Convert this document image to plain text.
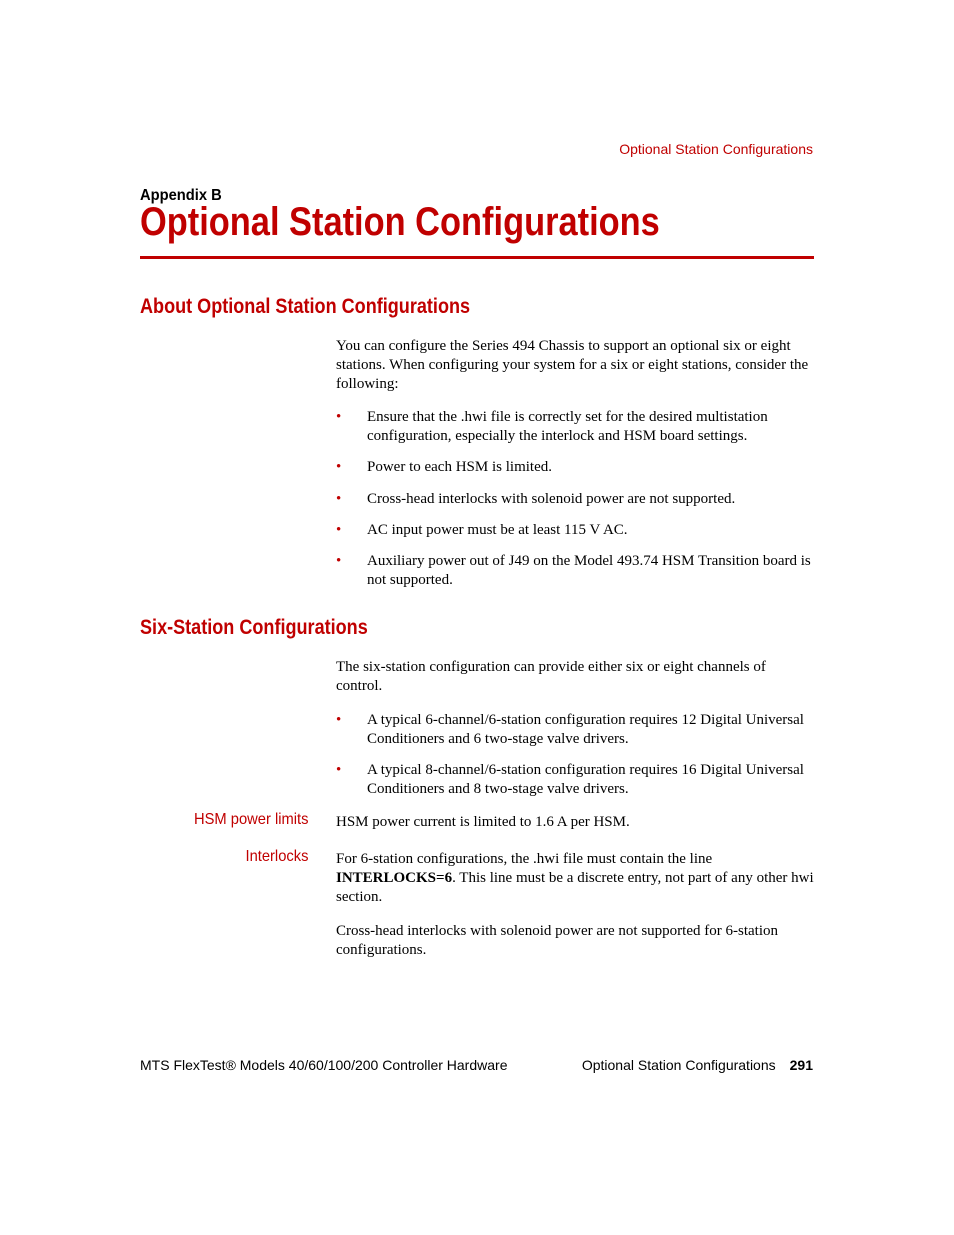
Optional Station Configurations
Appendix B
Optional Station Configurations
About Optional Station Configurations
You can configure the Series 494 Chassis to support an optional six or eight stations. When configuring your system for a six or eight stations, consider the following:
• Ensure that the .hwi file is correctly set for the desired multistation configuration, especially the interlock and HSM board settings.
• Power to each HSM is limited.
• Cross-head interlocks with solenoid power are not supported.
• AC input power must be at least 115 V AC.
• Auxiliary power out of J49 on the Model 493.74 HSM Transition board is not supported.
Six-Station Configurations
The six-station configuration can provide either six or eight channels of control.
• A typical 6-channel/6-station configuration requires 12 Digital Universal Conditioners and 6 two-stage valve drivers.
• A typical 8-channel/6-station configuration requires 16 Digital Universal Conditioners and 8 two-stage valve drivers.
HSM power limits HSM power current is limited to 1.6 A per HSM.
Interlocks For 6-station configurations, the .hwi file must contain the line INTERLOCKS=6. This line must be a discrete entry, not part of any other hwi section.
Cross-head interlocks with solenoid power are not supported for 6-station configurations.
MTS FlexTest® Models 40/60/100/200 Controller Hardware	Optional Station Configurations 291
